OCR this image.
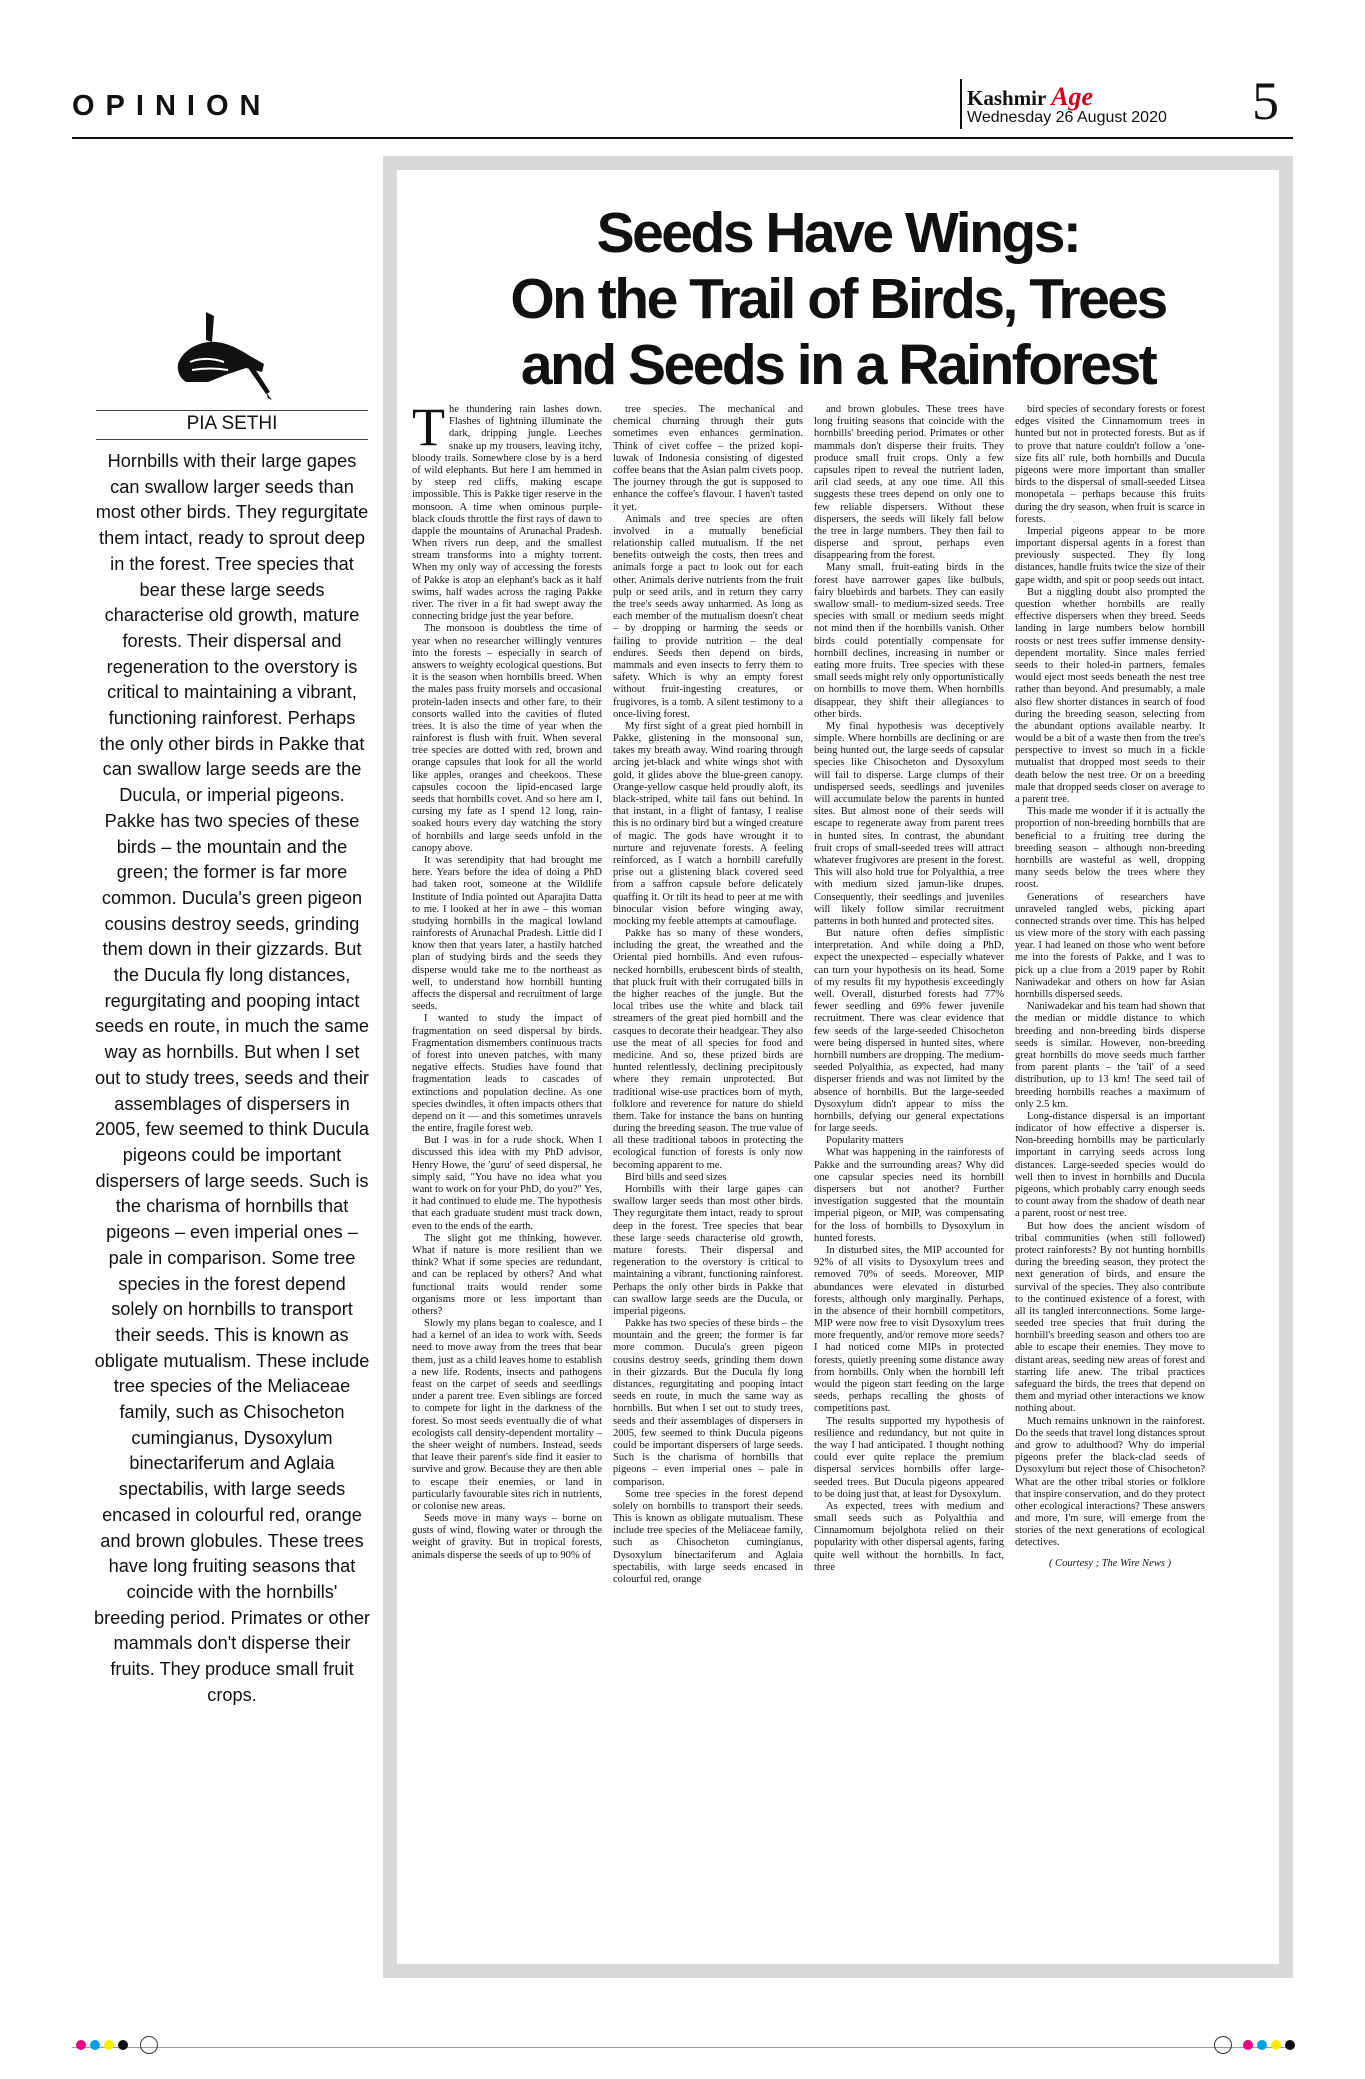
OPINION	Kashmir Age
Wednesday 26 August 2020 5
Seeds Have Wings:
On the Trail of Birds, Trees
and Seeds in a Rainforest
PIA SETHI
Hornbills with their large gapes can swallow larger seeds than most other birds. They regurgitate them intact, ready to sprout deep in the forest. Tree species that bear these large seeds characterise old growth, mature forests. Their dispersal and regeneration to the overstory is critical to maintaining a vibrant, functioning rainforest. Perhaps the only other birds in Pakke that can swallow large seeds are the Ducula, or imperial pigeons. Pakke has two species of these birds – the mountain and the green; the former is far more common. Ducula's green pigeon cousins destroy seeds, grinding them down in their gizzards. But the Ducula fly long distances, regurgitating and pooping intact seeds en route, in much the same way as hornbills. But when I set out to study trees, seeds and their assemblages of dispersers in 2005, few seemed to think Ducula pigeons could be important dispersers of large seeds. Such is the charisma of hornbills that pigeons – even imperial ones – pale in comparison. Some tree species in the forest depend solely on hornbills to transport their seeds. This is known as obligate mutualism. These include tree species of the Meliaceae family, such as Chisocheton cumingianus, Dysoxylum binectariferum and Aglaia spectabilis, with large seeds encased in colourful red, orange and brown globules. These trees have long fruiting seasons that coincide with the hornbills' breeding period. Primates or other mammals don't disperse their fruits. They produce small fruit crops.

The thundering rain lashes down. Flashes of lightning illuminate the dark, dripping jungle. Leeches snake up my trousers, leaving itchy, bloody trails. Somewhere close by is a herd of wild elephants. But here I am hemmed in by steep red cliffs, making escape impossible. This is Pakke tiger reserve in the monsoon. A time when ominous purple-black clouds throttle the first rays of dawn to dapple the mountains of Arunachal Pradesh. When rivers run deep, and the smallest stream transforms into a mighty torrent. When my only way of accessing the forests of Pakke is atop an elephant's back as it half swims, half wades across the raging Pakke river. The river in a fit had swept away the connecting bridge just the year before.

The monsoon is doubtless the time of year when no researcher willingly ventures into the forests – especially in search of answers to weighty ecological questions. But it is the season when hornbills breed. When the males pass fruity morsels and occasional protein-laden insects and other fare, to their consorts walled into the cavities of fluted trees. It is also the time of year when the rainforest is flush with fruit. When several tree species are dotted with red, brown and orange capsules that look for all the world like apples, oranges and cheekoos. These capsules cocoon the lipid-encased large seeds that hornbills covet. And so here am I, cursing my fate as I spend 12 long, rain-soaked hours every day watching the story of hornbills and large seeds unfold in the canopy above.

It was serendipity that had brought me here. Years before the idea of doing a PhD had taken root, someone at the Wildlife Institute of India pointed out Aparajita Datta to me. I looked at her in awe – this woman studying hornbills in the magical lowland rainforests of Arunachal Pradesh. Little did I know then that years later, a hastily hatched plan of studying birds and the seeds they disperse would take me to the northeast as well, to understand how hornbill hunting affects the dispersal and recruitment of large seeds.

I wanted to study the impact of fragmentation on seed dispersal by birds. Fragmentation dismembers continuous tracts of forest into uneven patches, with many negative effects. Studies have found that fragmentation leads to cascades of extinctions and population decline. As one species dwindles, it often impacts others that depend on it — and this sometimes unravels the entire, fragile forest web.

But I was in for a rude shock. When I discussed this idea with my PhD advisor, Henry Howe, the 'guru' of seed dispersal, he simply said, "You have no idea what you want to work on for your PhD, do you?" Yes, it had continued to elude me. The hypothesis that each graduate student must track down, even to the ends of the earth.

The slight got me thinking, however. What if nature is more resilient than we think? What if some species are redundant, and can be replaced by others? And what functional traits would render some organisms more or less important than others?

Slowly my plans began to coalesce, and I had a kernel of an idea to work with. Seeds need to move away from the trees that bear them, just as a child leaves home to establish a new life. Rodents, insects and pathogens feast on the carpet of seeds and seedlings under a parent tree. Even siblings are forced to compete for light in the darkness of the forest. So most seeds eventually die of what ecologists call density-dependent mortality – the sheer weight of numbers. Instead, seeds that leave their parent's side find it easier to survive and grow. Because they are then able to escape their enemies, or land in particularly favourable sites rich in nutrients, or colonise new areas.

Seeds move in many ways – borne on gusts of wind, flowing water or through the weight of gravity. But in tropical forests, animals disperse the seeds of up to 90% of

tree species. The mechanical and chemical churning through their guts sometimes even enhances germination. Think of civet coffee – the prized kopi-luwak of Indonesia consisting of digested coffee beans that the Asian palm civets poop. The journey through the gut is supposed to enhance the coffee's flavour. I haven't tasted it yet.

Animals and tree species are often involved in a mutually beneficial relationship called mutualism. If the net benefits outweigh the costs, then trees and animals forge a pact to look out for each other. Animals derive nutrients from the fruit pulp or seed arils, and in return they carry the tree's seeds away unharmed. As long as each member of the mutualism doesn't cheat – by dropping or harming the seeds or failing to provide nutrition – the deal endures. Seeds then depend on birds, mammals and even insects to ferry them to safety. Which is why an empty forest without fruit-ingesting creatures, or frugivores, is a tomb. A silent testimony to a once-living forest.

My first sight of a great pied hornbill in Pakke, glistening in the monsoonal sun, takes my breath away. Wind roaring through arcing jet-black and white wings shot with gold, it glides above the blue-green canopy. Orange-yellow casque held proudly aloft, its black-striped, white tail fans out behind. In that instant, in a flight of fantasy, I realise this is no ordinary bird but a winged creature of magic. The gods have wrought it to nurture and rejuvenate forests. A feeling reinforced, as I watch a hornbill carefully prise out a glistening black covered seed from a saffron capsule before delicately quaffing it. Or tilt its head to peer at me with binocular vision before winging away, mocking my feeble attempts at camouflage.

Pakke has so many of these wonders, including the great, the wreathed and the Oriental pied hornbills. And even rufous-necked hornbills, erubescent birds of stealth, that pluck fruit with their corrugated bills in the higher reaches of the jungle. But the local tribes use the white and black tail streamers of the great pied hornbill and the casques to decorate their headgear. They also use the meat of all species for food and medicine. And so, these prized birds are hunted relentlessly, declining precipitously where they remain unprotected. But traditional wise-use practices born of myth, folklore and reverence for nature do shield them. Take for instance the bans on hunting during the breeding season. The true value of all these traditional taboos in protecting the ecological function of forests is only now becoming apparent to me.

Bird bills and seed sizes

Hornbills with their large gapes can swallow larger seeds than most other birds. They regurgitate them intact, ready to sprout deep in the forest. Tree species that bear these large seeds characterise old growth, mature forests. Their dispersal and regeneration to the overstory is critical to maintaining a vibrant, functioning rainforest. Perhaps the only other birds in Pakke that can swallow large seeds are the Ducula, or imperial pigeons.

Pakke has two species of these birds – the mountain and the green; the former is far more common. Ducula's green pigeon cousins destroy seeds, grinding them down in their gizzards. But the Ducula fly long distances, regurgitating and pooping intact seeds en route, in much the same way as hornbills. But when I set out to study trees, seeds and their assemblages of dispersers in 2005, few seemed to think Ducula pigeons could be important dispersers of large seeds. Such is the charisma of hornbills that pigeons – even imperial ones – pale in comparison.

Some tree species in the forest depend solely on hornbills to transport their seeds. This is known as obligate mutualism. These include tree species of the Meliaceae family, such as Chisocheton cumingianus, Dysoxylum binectariferum and Aglaia spectabilis, with large seeds encased in colourful red, orange

and brown globules. These trees have long fruiting seasons that coincide with the hornbills' breeding period. Primates or other mammals don't disperse their fruits. They produce small fruit crops. Only a few capsules ripen to reveal the nutrient laden, aril clad seeds, at any one time. All this suggests these trees depend on only one to few reliable dispersers. Without these dispersers, the seeds will likely fall below the tree in large numbers. They then fail to disperse and sprout, perhaps even disappearing from the forest.

Many small, fruit-eating birds in the forest have narrower gapes like bulbuls, fairy bluebirds and barbets. They can easily swallow small- to medium-sized seeds. Tree species with small or medium seeds might not mind then if the hornbills vanish. Other birds could potentially compensate for hornbill declines, increasing in number or eating more fruits. Tree species with these small seeds might rely only opportunistically on hornbills to move them. When hornbills disappear, they shift their allegiances to other birds.

My final hypothesis was deceptively simple. Where hornbills are declining or are being hunted out, the large seeds of capsular species like Chisocheton and Dysoxylum will fail to disperse. Large clumps of their undispersed seeds, seedlings and juveniles will accumulate below the parents in hunted sites. But almost none of their seeds will escape to regenerate away from parent trees in hunted sites. In contrast, the abundant fruit crops of small-seeded trees will attract whatever frugivores are present in the forest. This will also hold true for Polyalthia, a tree with medium sized jamun-like drupes. Consequently, their seedlings and juveniles will likely follow similar recruitment patterns in both hunted and protected sites.

But nature often defies simplistic interpretation. And while doing a PhD, expect the unexpected – especially whatever can turn your hypothesis on its head. Some of my results fit my hypothesis exceedingly well. Overall, disturbed forests had 77% fewer seedling and 69% fewer juvenile recruitment. There was clear evidence that few seeds of the large-seeded Chisocheton were being dispersed in hunted sites, where hornbill numbers are dropping. The medium-seeded Polyalthia, as expected, had many disperser friends and was not limited by the absence of hornbills. But the large-seeded Dysoxylum didn't appear to miss the hornbills, defying our general expectations for large seeds.

Popularity matters

What was happening in the rainforests of Pakke and the surrounding areas? Why did one capsular species need its hornbill dispersers but not another? Further investigation suggested that the mountain imperial pigeon, or MIP, was compensating for the loss of hornbills to Dysoxylum in hunted forests.

In disturbed sites, the MIP accounted for 92% of all visits to Dysoxylum trees and removed 70% of seeds. Moreover, MIP abundances were elevated in disturbed forests, although only marginally. Perhaps, in the absence of their hornbill competitors, MIP were now free to visit Dysoxylum trees more frequently, and/or remove more seeds? I had noticed come MIPs in protected forests, quietly preening some distance away from hornbills. Only when the hornbill left would the pigeon start feeding on the large seeds, perhaps recalling the ghosts of competitions past.

The results supported my hypothesis of resilience and redundancy, but not quite in the way I had anticipated. I thought nothing could ever quite replace the premium dispersal services hornbills offer large-seeded trees. But Ducula pigeons appeared to be doing just that, at least for Dysoxylum.

As expected, trees with medium and small seeds such as Polyalthia and Cinnamomum bejolghota relied on their popularity with other dispersal agents, faring quite well without the hornbills. In fact, three

bird species of secondary forests or forest edges visited the Cinnamomum trees in hunted but not in protected forests. But as if to prove that nature couldn't follow a 'one-size fits all' rule, both hornbills and Ducula pigeons were more important than smaller birds to the dispersal of small-seeded Litsea monopetala – perhaps because this fruits during the dry season, when fruit is scarce in forests.

Imperial pigeons appear to be more important dispersal agents in a forest than previously suspected. They fly long distances, handle fruits twice the size of their gape width, and spit or poop seeds out intact.

But a niggling doubt also prompted the question whether hornbills are really effective dispersers when they breed. Seeds landing in large numbers below hornbill roosts or nest trees suffer immense density-dependent mortality. Since males ferried seeds to their holed-in partners, females would eject most seeds beneath the nest tree rather than beyond. And presumably, a male also flew shorter distances in search of food during the breeding season, selecting from the abundant options available nearby. It would be a bit of a waste then from the tree's perspective to invest so much in a fickle mutualist that dropped most seeds to their death below the nest tree. Or on a breeding male that dropped seeds closer on average to a parent tree.

This made me wonder if it is actually the proportion of non-breeding hornbills that are beneficial to a fruiting tree during the breeding season – although non-breeding hornbills are wasteful as well, dropping many seeds below the trees where they roost.

Generations of researchers have unraveled tangled webs, picking apart connected strands over time. This has helped us view more of the story with each passing year. I had leaned on those who went before me into the forests of Pakke, and I was to pick up a clue from a 2019 paper by Rohit Naniwadekar and others on how far Asian hornbills dispersed seeds.

Naniwadekar and his team had shown that the median or middle distance to which breeding and non-breeding birds disperse seeds is similar. However, non-breeding great hornbills do move seeds much farther from parent plants – the 'tail' of a seed distribution, up to 13 km! The seed tail of breeding hornbills reaches a maximum of only 2.5 km.

Long-distance dispersal is an important indicator of how effective a disperser is. Non-breeding hornbills may be particularly important in carrying seeds across long distances. Large-seeded species would do well then to invest in hornbills and Ducula pigeons, which probably carry enough seeds to count away from the shadow of death near a parent, roost or nest tree.

But how does the ancient wisdom of tribal communities (when still followed) protect rainforests? By not hunting hornbills during the breeding season, they protect the next generation of birds, and ensure the survival of the species. They also contribute to the continued existence of a forest, with all its tangled interconnections. Some large-seeded tree species that fruit during the hornbill's breeding season and others too are able to escape their enemies. They move to distant areas, seeding new areas of forest and starting life anew. The tribal practices safeguard the birds, the trees that depend on them and myriad other interactions we know nothing about.

Much remains unknown in the rainforest. Do the seeds that travel long distances sprout and grow to adulthood? Why do imperial pigeons prefer the black-clad seeds of Dysoxylum but reject those of Chisocheton? What are the other tribal stories or folklore that inspire conservation, and do they protect other ecological interactions? These answers and more, I'm sure, will emerge from the stories of the next generations of ecological detectives.

( Courtesy ; The Wire News )
